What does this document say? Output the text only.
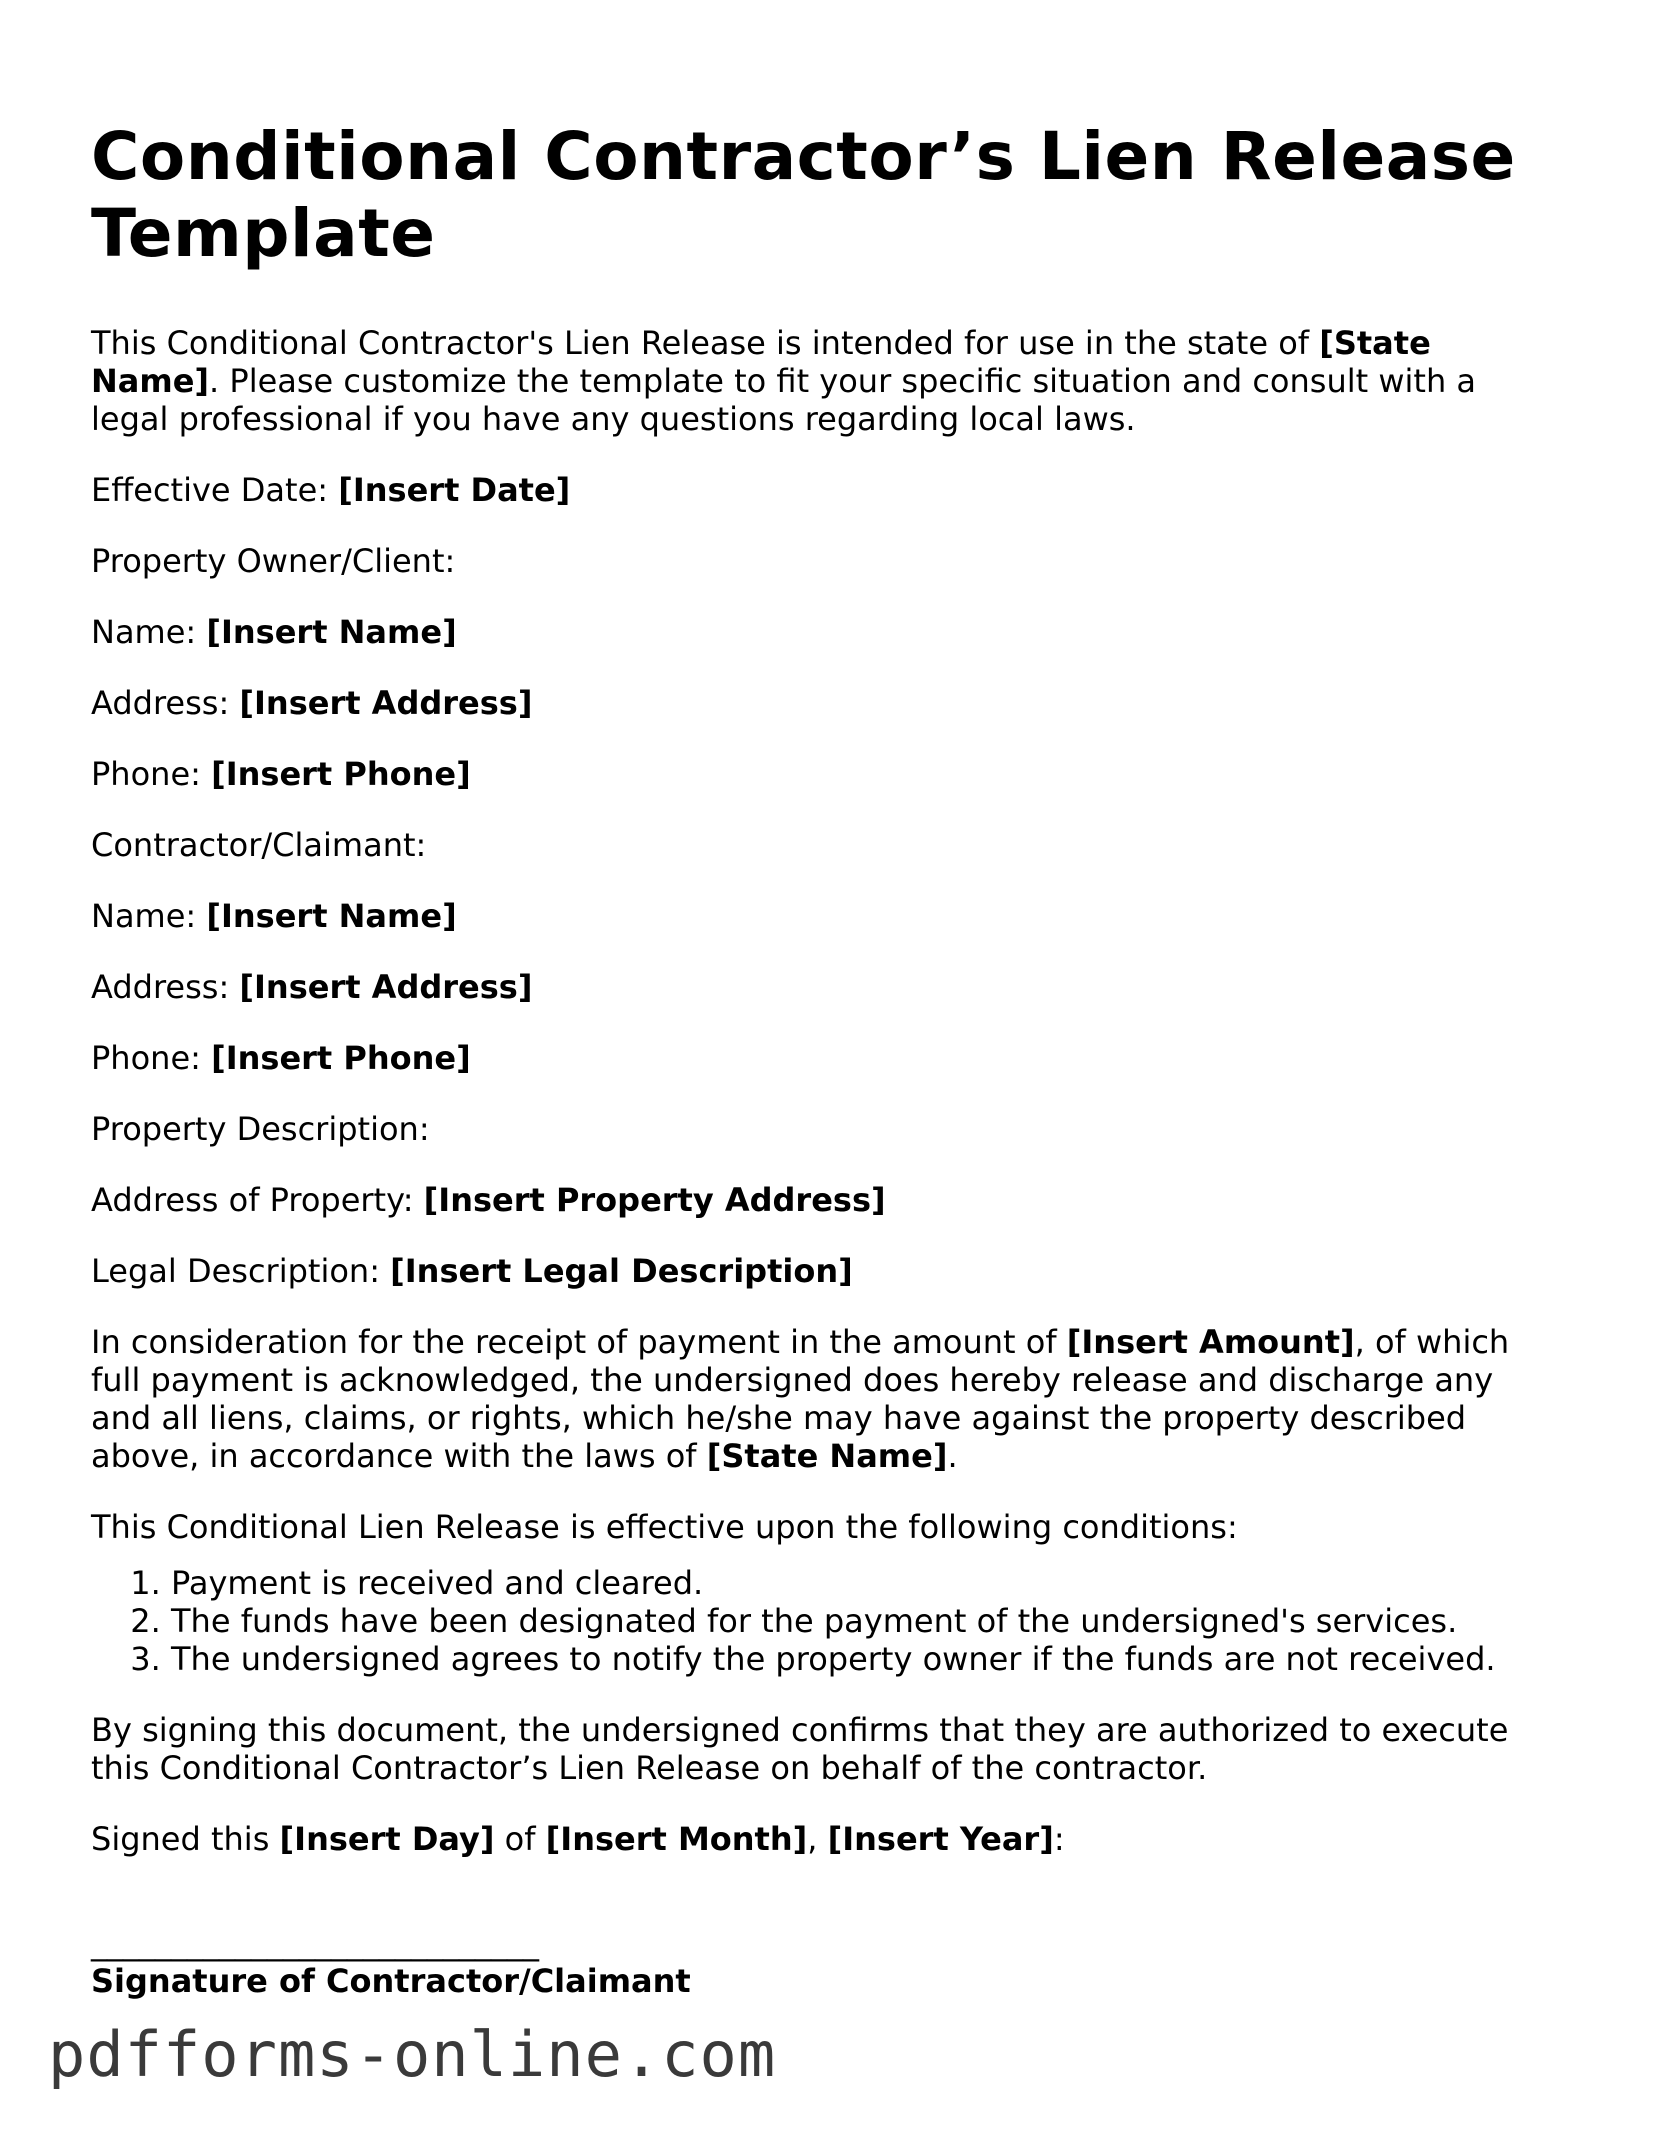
Conditional Contractor’s Lien Release Template

This Conditional Contractor's Lien Release is intended for use in the state of [State Name]. Please customize the template to fit your specific situation and consult with a legal professional if you have any questions regarding local laws.

Effective Date: [Insert Date]

Property Owner/Client:

Name: [Insert Name]

Address: [Insert Address]

Phone: [Insert Phone]

Contractor/Claimant:

Name: [Insert Name]

Address: [Insert Address]

Phone: [Insert Phone]

Property Description:

Address of Property: [Insert Property Address]

Legal Description: [Insert Legal Description]

In consideration for the receipt of payment in the amount of [Insert Amount], of which full payment is acknowledged, the undersigned does hereby release and discharge any and all liens, claims, or rights, which he/she may have against the property described above, in accordance with the laws of [State Name].

This Conditional Lien Release is effective upon the following conditions:

1. Payment is received and cleared.
2. The funds have been designated for the payment of the undersigned's services.
3. The undersigned agrees to notify the property owner if the funds are not received.

By signing this document, the undersigned confirms that they are authorized to execute this Conditional Contractor’s Lien Release on behalf of the contractor.

Signed this [Insert Day] of [Insert Month], [Insert Year]:

____________________________
Signature of Contractor/Claimant
pdfforms-online.com
